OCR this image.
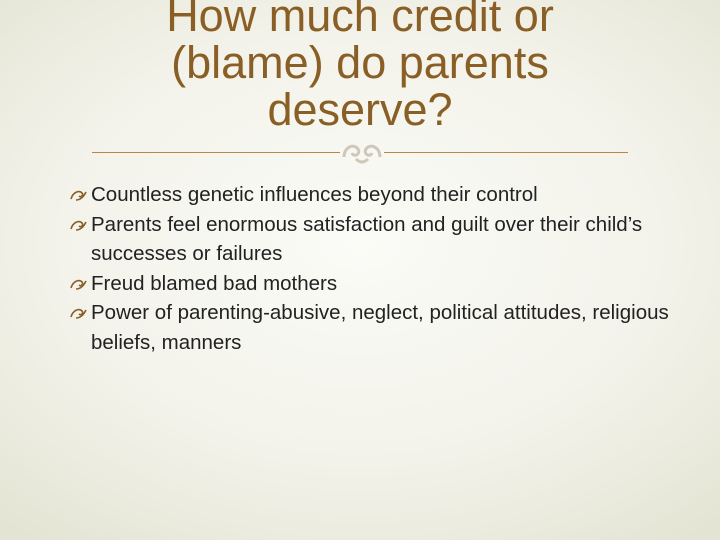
How much credit or
(blame) do parents
deserve?
Countless genetic influences beyond their control
Parents feel enormous satisfaction and guilt over their child’s successes or failures
Freud blamed bad mothers
Power of parenting-abusive, neglect, political attitudes, religious beliefs, manners
